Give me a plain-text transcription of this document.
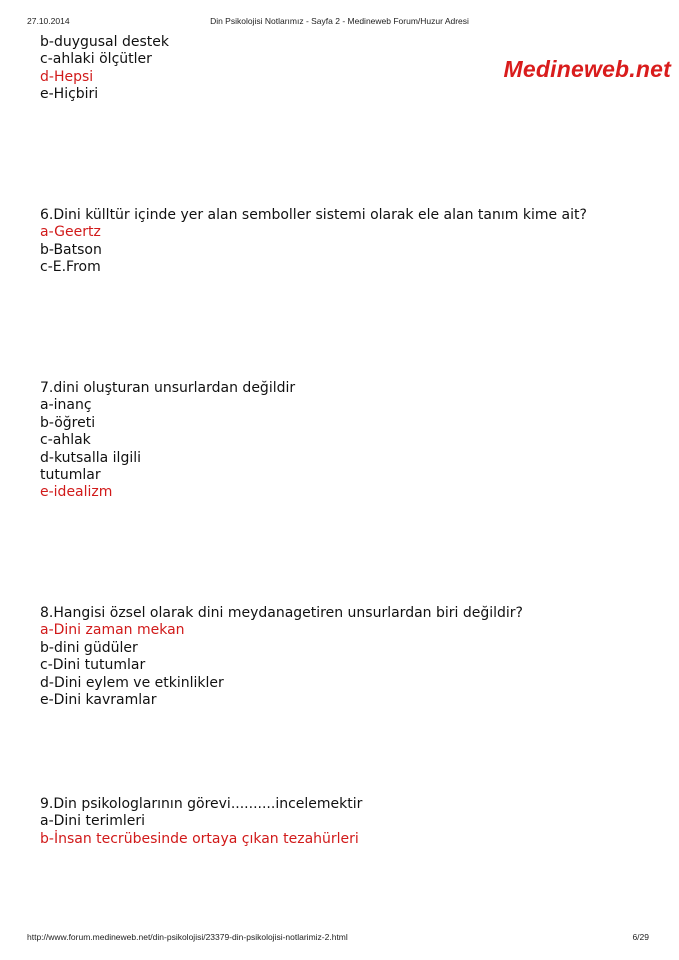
27.10.2014	Din Psikolojisi Notlarımız - Sayfa 2 - Medineweb Forum/Huzur Adresi
Medineweb.net
b-duygusal destek
c-ahlaki ölçütler
d-Hepsi
e-Hiçbiri
6.Dini külltür içinde yer alan semboller sistemi olarak ele alan tanım kime ait?
a-Geertz
b-Batson
c-E.From
7.dini oluşturan unsurlardan değildir
a-inanç
b-öğreti
c-ahlak
d-kutsalla ilgili
tutumlar
e-idealizm
8.Hangisi özsel olarak dini meydanagetiren unsurlardan biri değildir?
a-Dini zaman mekan
b-dini güdüler
c-Dini tutumlar
d-Dini eylem ve etkinlikler
e-Dini kavramlar
9.Din psikologlarının görevi..........incelemektir
a-Dini terimleri
b-İnsan tecrübesinde ortaya çıkan tezahürleri
http://www.forum.medineweb.net/din-psikolojisi/23379-din-psikolojisi-notlarimiz-2.html	6/29
